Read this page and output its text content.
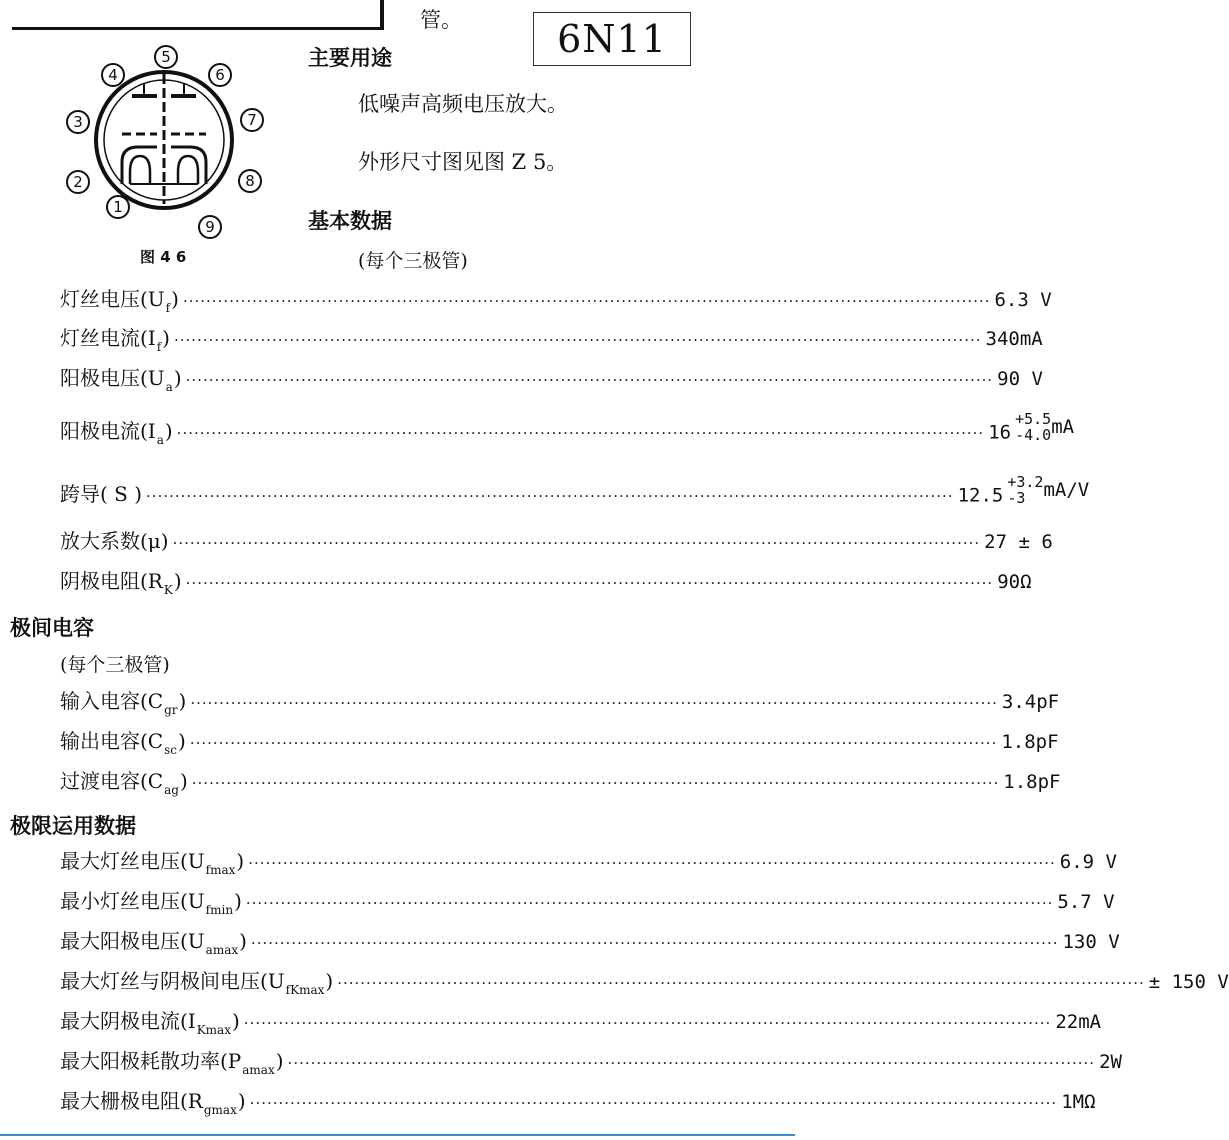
管。	6N11
1
2
3
4
5
6
7
8
9
图 4 6
主要用途
低噪声高频电压放大。
外形尺寸图见图 Z 5。
基本数据
(每个三极管)
灯丝电压$(U_f)$ ············································································································································ 6.3 V
灯丝电流$(I_f)$ ············································································································································ 340mA
阳极电压$(U_a)$ ············································································································································ 90 V
阳极电流$(I_a)$ ············································································································································ 16
+5.5
-4.0 mA
跨导( S ) ············································································································································ 12.5
+3.2
-3 mA/V
放大系数(μ) ············································································································································ 27 ± 6
阴极电阻$(R_K)$ ············································································································································ 90Ω
极间电容
(每个三极管)
输入电容$(C_{gr})$ ············································································································································ 3.4pF
输出电容$(C_{sc})$ ············································································································································ 1.8pF
过渡电容$(C_{ag})$ ············································································································································ 1.8pF
极限运用数据
最大灯丝电压$(U_{fmax})$ ············································································································································ 6.9 V
最小灯丝电压$(U_{fmin})$ ············································································································································ 5.7 V
最大阳极电压$(U_{amax})$ ············································································································································ 130 V
最大灯丝与阴极间电压$(U_{fKmax})$ ············································································································································ ± 150 V
最大阴极电流$(I_{Kmax})$ ············································································································································ 22mA
最大阳极耗散功率$(P_{amax})$ ············································································································································ 2W
最大栅极电阻$(R_{gmax})$ ············································································································································ 1MΩ
